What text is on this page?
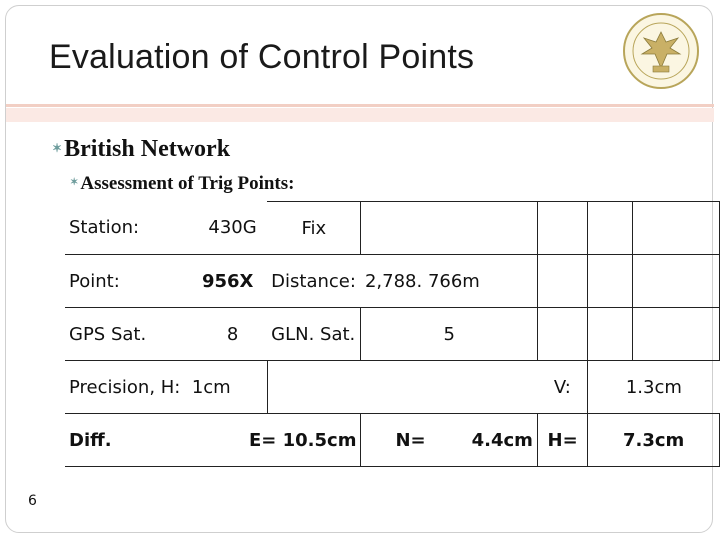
Evaluation of Control Points
✶British Network
✶ Assessment of Trig Points:
Station:	430G	Fix				
Point:	956X	Distance:	2,788. 766m			
GPS Sat.	8	GLN. Sat.	5			
Precision, H: 1cm				V:	1.3cm	
Diff.	E= 10.5cm		N= 4.4cm	H=	7.3cm	
6
